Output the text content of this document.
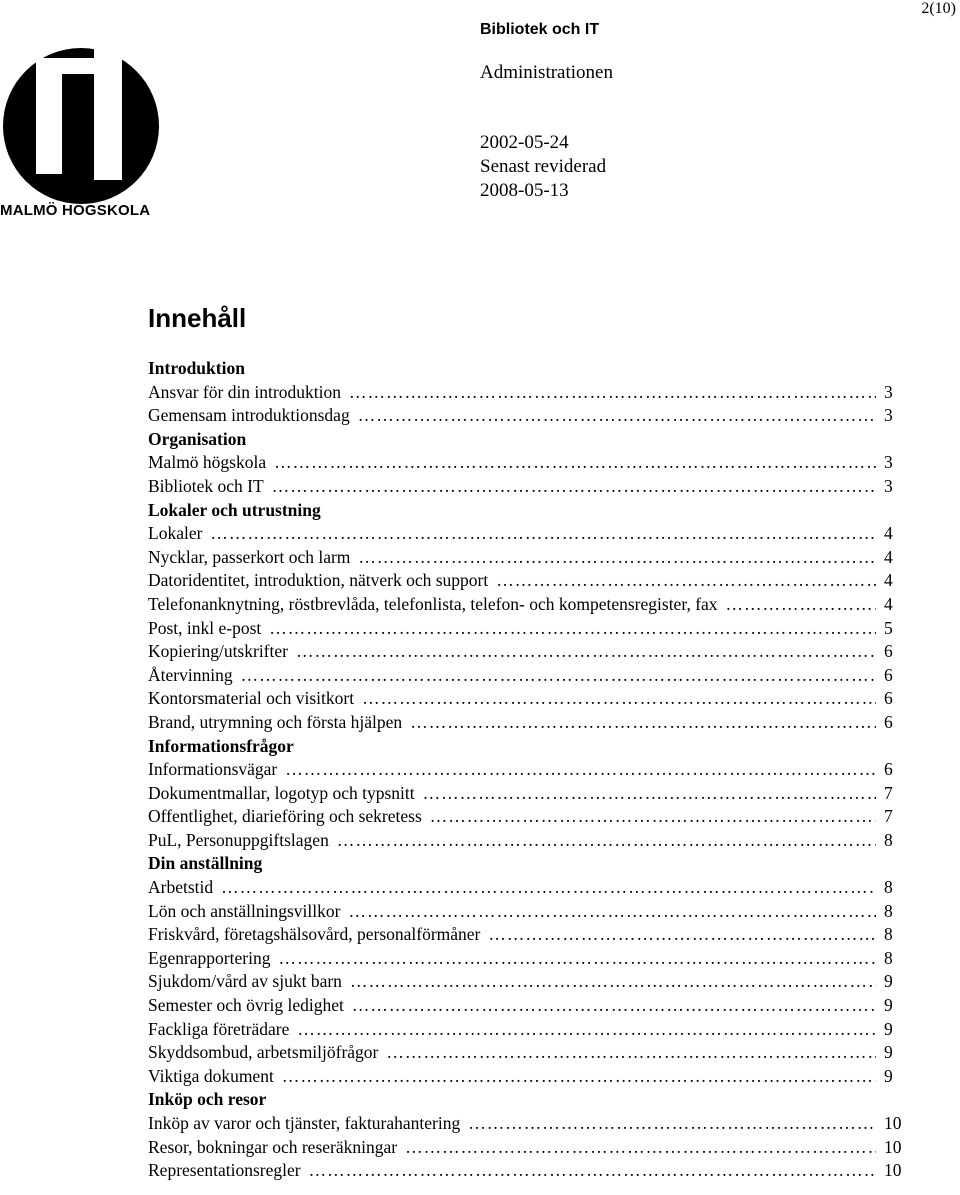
2(10)
MALMÖ HÖGSKOLA
Bibliotek och IT
Administrationen
2002-05-24
Senast reviderad
2008-05-13
Innehåll
Introduktion
Ansvar för din introduktion ……………………………………………………………………………………………………………………………………………………………………………………………………	3
Gemensam introduktionsdag ……………………………………………………………………………………………………………………………………………………………………………………………………	3
Organisation
Malmö högskola ……………………………………………………………………………………………………………………………………………………………………………………………………	3
Bibliotek och IT ……………………………………………………………………………………………………………………………………………………………………………………………………	3
Lokaler och utrustning
Lokaler ……………………………………………………………………………………………………………………………………………………………………………………………………	4
Nycklar, passerkort och larm ……………………………………………………………………………………………………………………………………………………………………………………………………	4
Datoridentitet, introduktion, nätverk och support ……………………………………………………………………………………………………………………………………………………………………………………………………	4
Telefonanknytning, röstbrevlåda, telefonlista, telefon- och kompetensregister, fax ……………………………………………………………………………………………………………………………………………………………………………………………………	4
Post, inkl e-post ……………………………………………………………………………………………………………………………………………………………………………………………………	5
Kopiering/utskrifter ……………………………………………………………………………………………………………………………………………………………………………………………………	6
Återvinning ……………………………………………………………………………………………………………………………………………………………………………………………………	6
Kontorsmaterial och visitkort ……………………………………………………………………………………………………………………………………………………………………………………………………	6
Brand, utrymning och första hjälpen ……………………………………………………………………………………………………………………………………………………………………………………………………	6
Informationsfrågor
Informationsvägar ……………………………………………………………………………………………………………………………………………………………………………………………………	6
Dokumentmallar, logotyp och typsnitt ……………………………………………………………………………………………………………………………………………………………………………………………………	7
Offentlighet, diarieföring och sekretess ……………………………………………………………………………………………………………………………………………………………………………………………………	7
PuL, Personuppgiftslagen ……………………………………………………………………………………………………………………………………………………………………………………………………	8
Din anställning
Arbetstid ……………………………………………………………………………………………………………………………………………………………………………………………………	8
Lön och anställningsvillkor ……………………………………………………………………………………………………………………………………………………………………………………………………	8
Friskvård, företagshälsovård, personalförmåner ……………………………………………………………………………………………………………………………………………………………………………………………………	8
Egenrapportering ……………………………………………………………………………………………………………………………………………………………………………………………………	8
Sjukdom/vård av sjukt barn ……………………………………………………………………………………………………………………………………………………………………………………………………	9
Semester och övrig ledighet ……………………………………………………………………………………………………………………………………………………………………………………………………	9
Fackliga företrädare ……………………………………………………………………………………………………………………………………………………………………………………………………	9
Skyddsombud, arbetsmiljöfrågor ……………………………………………………………………………………………………………………………………………………………………………………………………	9
Viktiga dokument ……………………………………………………………………………………………………………………………………………………………………………………………………	9
Inköp och resor
Inköp av varor och tjänster, fakturahantering ……………………………………………………………………………………………………………………………………………………………………………………………………	10
Resor, bokningar och reseräkningar ……………………………………………………………………………………………………………………………………………………………………………………………………	10
Representationsregler ……………………………………………………………………………………………………………………………………………………………………………………………………	10
